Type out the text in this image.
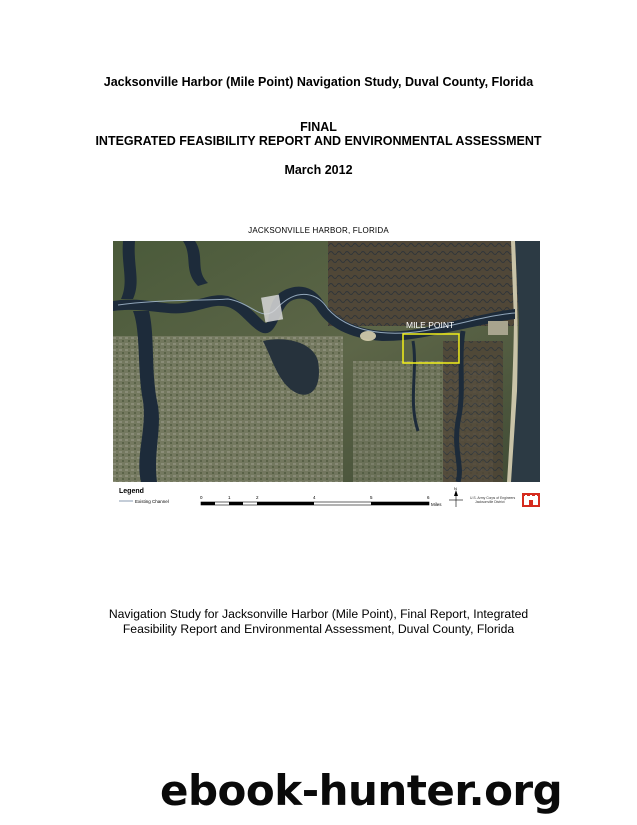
Jacksonville Harbor (Mile Point) Navigation Study, Duval County, Florida
FINAL
INTEGRATED FEASIBILITY REPORT AND ENVIRONMENTAL ASSESSMENT
March 2012
JACKSONVILLE HARBOR, FLORIDA
MILE POINT
Legend
Existing Channel
0	1	2	4	5	6
Miles
N
U.S. Army Corps of Engineers
Jacksonville District
Navigation Study for Jacksonville Harbor (Mile Point), Final Report, Integrated
Feasibility Report and Environmental Assessment, Duval County, Florida
ebook-hunter.org
